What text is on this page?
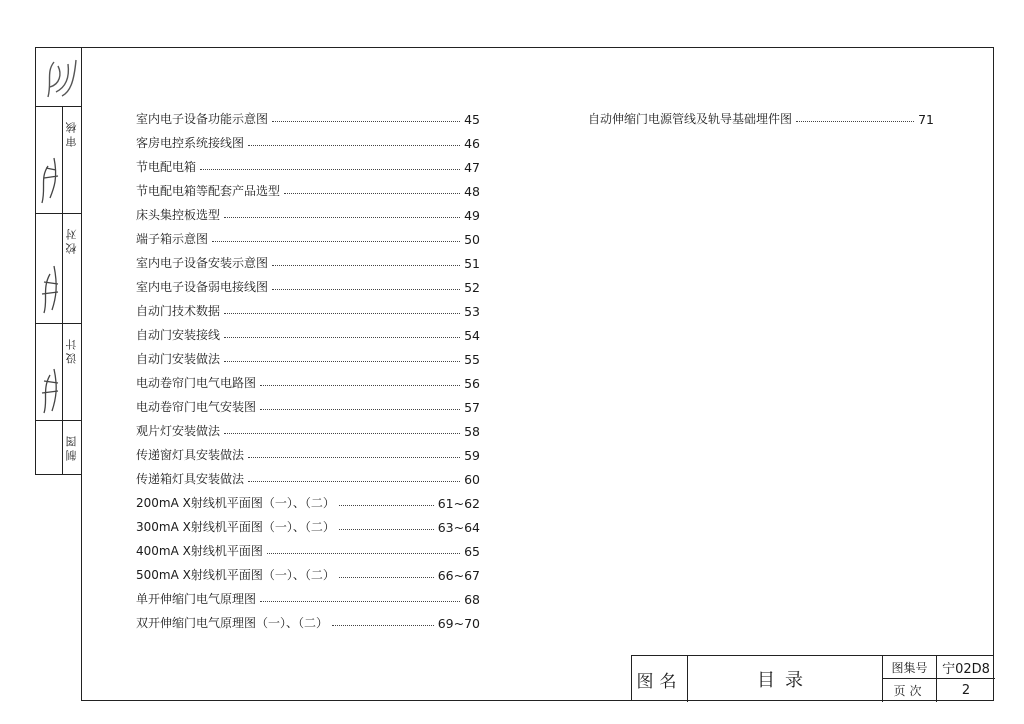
审核
校对
设计
制图
室内电子设备功能示意图	45
客房电控系统接线图	46
节电配电箱	47
节电配电箱等配套产品选型	48
床头集控板选型	49
端子箱示意图	50
室内电子设备安装示意图	51
室内电子设备弱电接线图	52
自动门技术数据	53
自动门安装接线	54
自动门安装做法	55
电动卷帘门电气电路图	56
电动卷帘门电气安装图	57
观片灯安装做法	58
传递窗灯具安装做法	59
传递箱灯具安装做法	60
200mA X射线机平面图（一）、（二）	61~62
300mA X射线机平面图（一）、（二）	63~64
400mA X射线机平面图	65
500mA X射线机平面图（一）、（二）	66~67
单开伸缩门电气原理图	68
双开伸缩门电气原理图（一）、（二）	69~70
自动伸缩门电源管线及轨导基础埋件图	71
图名	目录
图集号	宁02D8
页次	2
